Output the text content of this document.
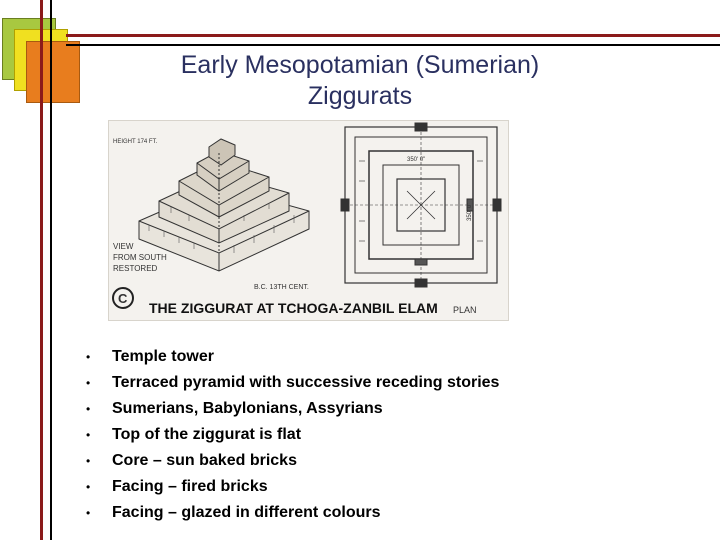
Early Mesopotamian (Sumerian)
Ziggurats
HEIGHT 174 FT.
VIEW
FROM SOUTH
RESTORED
B.C. 13TH CENT.
350' 0"
350' 0"
C
THE ZIGGURAT AT TCHOGA-ZANBIL ELAM PLAN
• Temple tower
• Terraced pyramid with successive receding stories
• Sumerians, Babylonians, Assyrians
• Top of the ziggurat is flat
• Core – sun baked bricks
• Facing – fired bricks
• Facing – glazed in different colours
